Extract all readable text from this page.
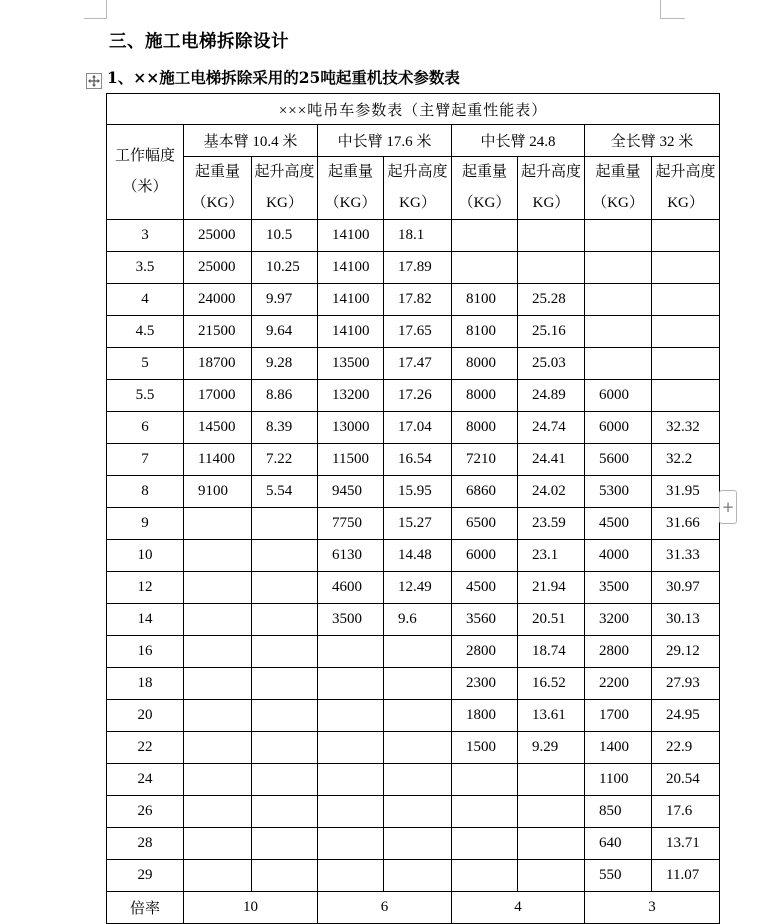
三、施工电梯拆除设计
1、××施工电梯拆除采用的25吨起重机技术参数表
×××吨吊车参数表（主臂起重性能表）								
工作幅度（米）	基本臂 10.4 米		中长臂 17.6 米		中长臂 24.8		全长臂 32 米	
	起重量（KG）	起升高度KG）	起重量（KG）	起升高度KG）	起重量（KG）	起升高度KG）	起重量（KG）	起升高度KG）

3	25000	10.5	14100	18.1				
3.5	25000	10.25	14100	17.89				
4	24000	9.97	14100	17.82	8100	25.28		
4.5	21500	9.64	14100	17.65	8100	25.16		
5	18700	9.28	13500	17.47	8000	25.03		
5.5	17000	8.86	13200	17.26	8000	24.89	6000	
6	14500	8.39	13000	17.04	8000	24.74	6000	32.32
7	11400	7.22	11500	16.54	7210	24.41	5600	32.2
8	9100	5.54	9450	15.95	6860	24.02	5300	31.95
9			7750	15.27	6500	23.59	4500	31.66
10			6130	14.48	6000	23.1	4000	31.33
12			4600	12.49	4500	21.94	3500	30.97
14			3500	9.6	3560	20.51	3200	30.13
16					2800	18.74	2800	29.12
18					2300	16.52	2200	27.93
20					1800	13.61	1700	24.95
22					1500	9.29	1400	22.9
24							1100	20.54
26							850	17.6
28							640	13.71
29							550	11.07
倍率	10		6		4		3	
+
